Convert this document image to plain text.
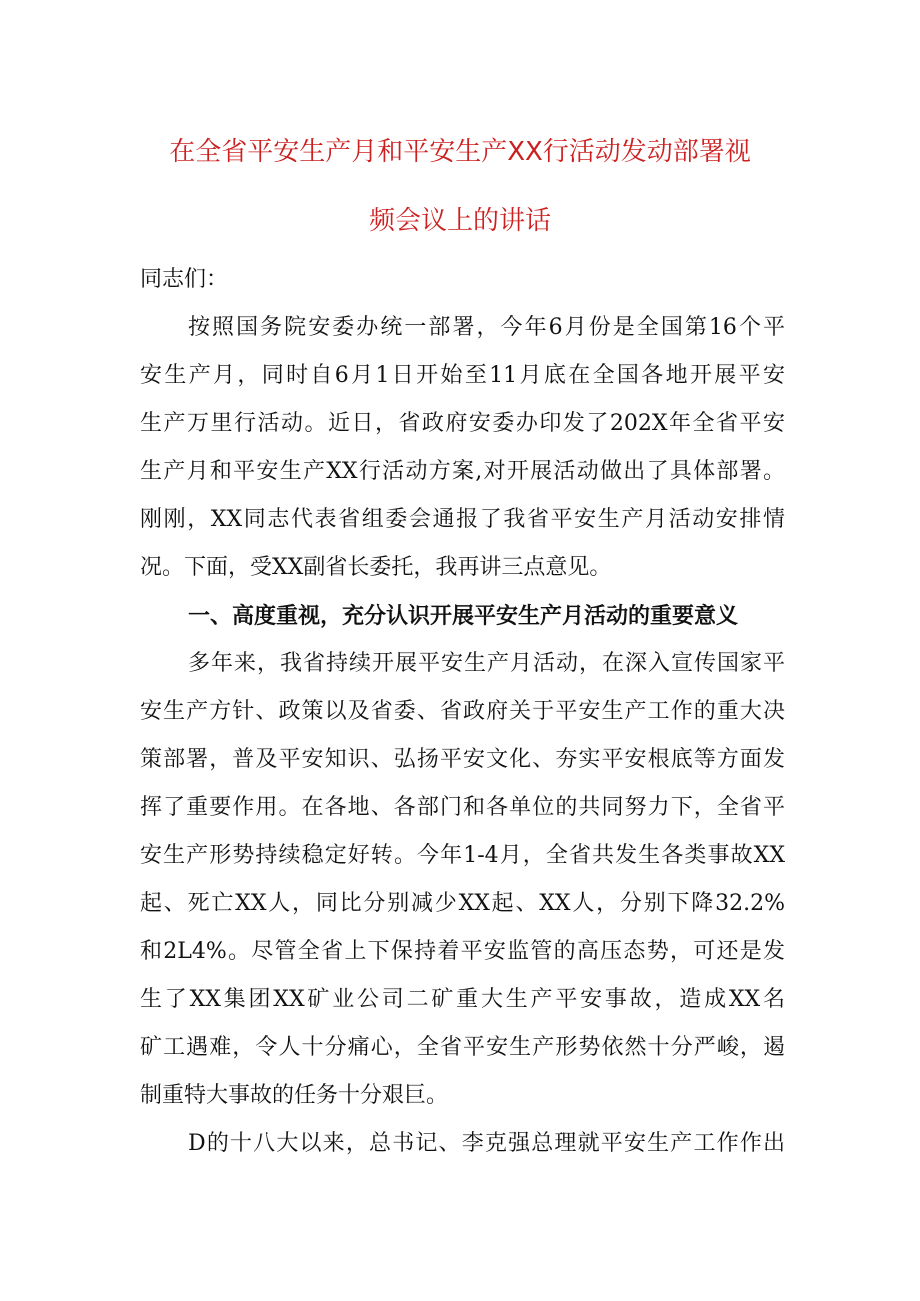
在全省平安生产月和平安生产XX行活动发动部署视
频会议上的讲话
同志们：
按照国务院安委办统一部署，今年6月份是全国第16个平
安生产月，同时自6月1日开始至11月底在全国各地开展平安
生产万里行活动。近日，省政府安委办印发了202X年全省平安
生产月和平安生产XX行活动方案,对开展活动做出了具体部署。
刚刚，XX同志代表省组委会通报了我省平安生产月活动安排情
况。下面，受XX副省长委托，我再讲三点意见。
一、高度重视，充分认识开展平安生产月活动的重要意义
多年来，我省持续开展平安生产月活动，在深入宣传国家平
安生产方针、政策以及省委、省政府关于平安生产工作的重大决
策部署，普及平安知识、弘扬平安文化、夯实平安根底等方面发
挥了重要作用。在各地、各部门和各单位的共同努力下，全省平
安生产形势持续稳定好转。今年1-4月，全省共发生各类事故XX
起、死亡XX人，同比分别减少XX起、XX人，分别下降32.2%
和2L4%。尽管全省上下保持着平安监管的高压态势，可还是发
生了XX集团XX矿业公司二矿重大生产平安事故，造成XX名
矿工遇难，令人十分痛心，全省平安生产形势依然十分严峻，遏
制重特大事故的任务十分艰巨。
D的十八大以来，总书记、李克强总理就平安生产工作作出
